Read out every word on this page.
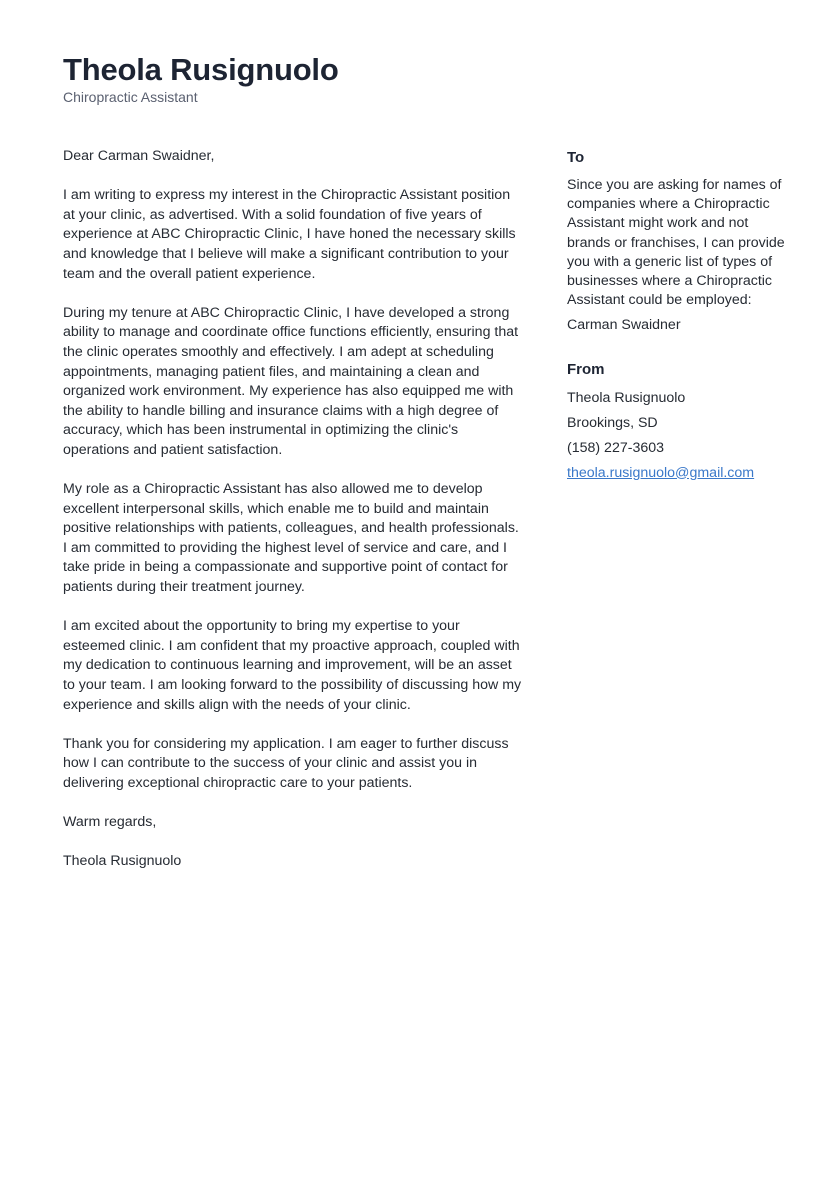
Theola Rusignuolo
Chiropractic Assistant

Dear Carman Swaidner,

I am writing to express my interest in the Chiropractic Assistant position at your clinic, as advertised. With a solid foundation of five years of experience at ABC Chiropractic Clinic, I have honed the necessary skills and knowledge that I believe will make a significant contribution to your team and the overall patient experience.

During my tenure at ABC Chiropractic Clinic, I have developed a strong ability to manage and coordinate office functions efficiently, ensuring that the clinic operates smoothly and effectively. I am adept at scheduling appointments, managing patient files, and maintaining a clean and organized work environment. My experience has also equipped me with the ability to handle billing and insurance claims with a high degree of accuracy, which has been instrumental in optimizing the clinic's operations and patient satisfaction.

My role as a Chiropractic Assistant has also allowed me to develop excellent interpersonal skills, which enable me to build and maintain positive relationships with patients, colleagues, and health professionals. I am committed to providing the highest level of service and care, and I take pride in being a compassionate and supportive point of contact for patients during their treatment journey.

I am excited about the opportunity to bring my expertise to your esteemed clinic. I am confident that my proactive approach, coupled with my dedication to continuous learning and improvement, will be an asset to your team. I am looking forward to the possibility of discussing how my experience and skills align with the needs of your clinic.

Thank you for considering my application. I am eager to further discuss how I can contribute to the success of your clinic and assist you in delivering exceptional chiropractic care to your patients.

Warm regards,

Theola Rusignuolo

To

Since you are asking for names of companies where a Chiropractic Assistant might work and not brands or franchises, I can provide you with a generic list of types of businesses where a Chiropractic Assistant could be employed:

Carman Swaidner

From

Theola Rusignuolo

Brookings, SD

(158) 227-3603

theola.rusignuolo@gmail.com
